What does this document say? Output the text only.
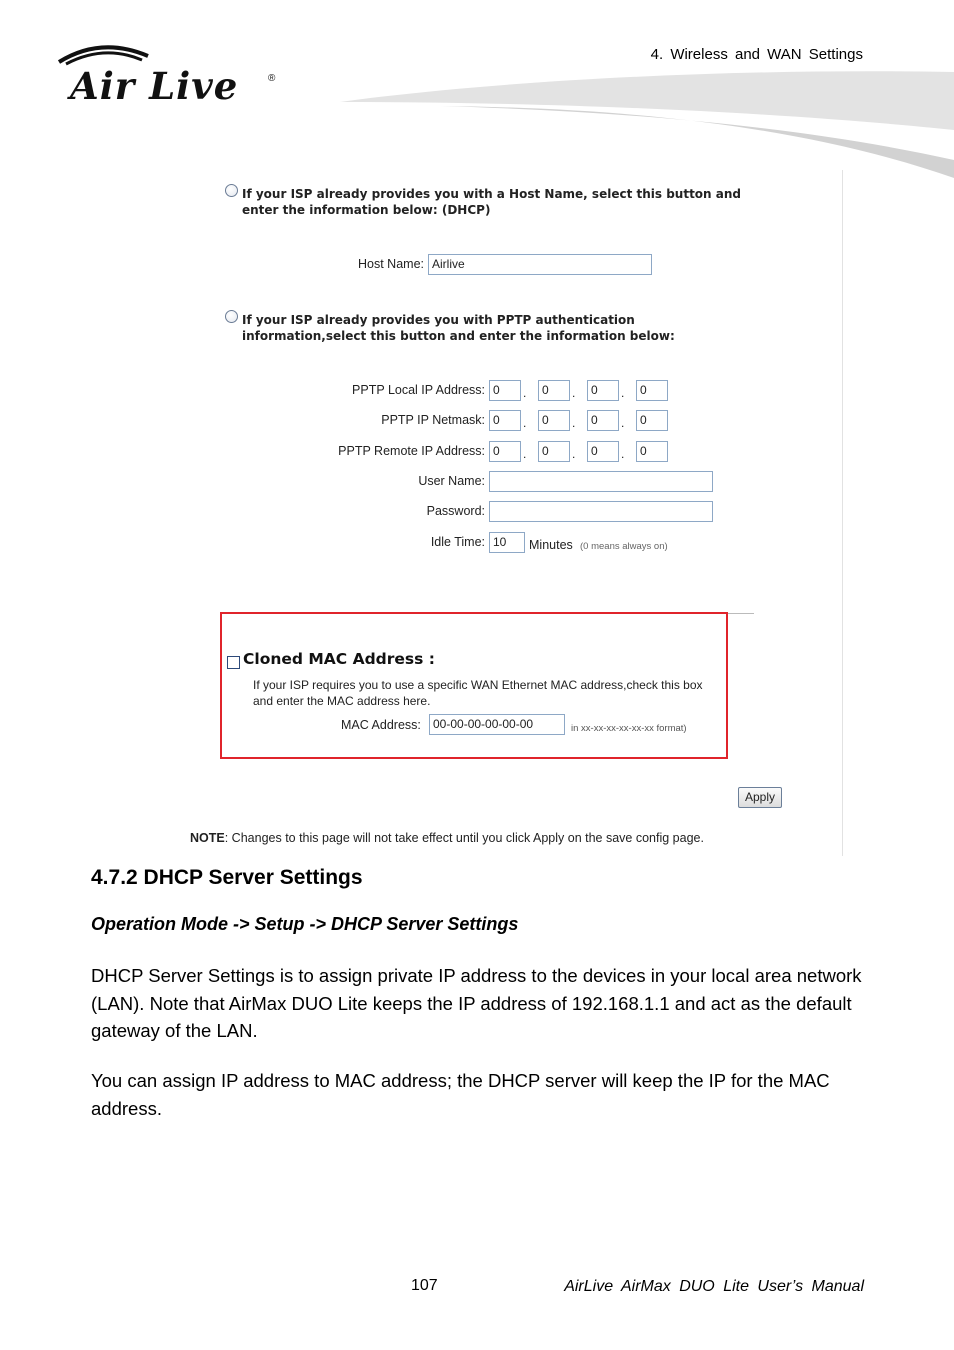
Air Live	®
4. Wireless and WAN Settings
If your ISP already provides you with a Host Name, select this button and enter the information below: (DHCP)
Host Name: Airlive
If your ISP already provides you with PPTP authentication information,select this button and enter the information below:
PPTP Local IP Address: 0	.	0	.	0	.	0
PPTP IP Netmask: 0	.	0	.	0	.	0
PPTP Remote IP Address: 0	.	0	.	0	.	0
User Name:
Password:
Idle Time: 10	Minutes (0 means always on)
Cloned MAC Address :
If your ISP requires you to use a specific WAN Ethernet MAC address,check this box and enter the MAC address here.
MAC Address:	00-00-00-00-00-00	in xx-xx-xx-xx-xx-xx format)
Apply
NOTE: Changes to this page will not take effect until you click Apply on the save config page.
4.7.2 DHCP Server Settings
Operation Mode -> Setup -> DHCP Server Settings
DHCP Server Settings is to assign private IP address to the devices in your local area network (LAN). Note that AirMax DUO Lite keeps the IP address of 192.168.1.1 and act as the default gateway of the LAN.
You can assign IP address to MAC address; the DHCP server will keep the IP for the MAC address.
107	AirLive AirMax DUO Lite User’s Manual
